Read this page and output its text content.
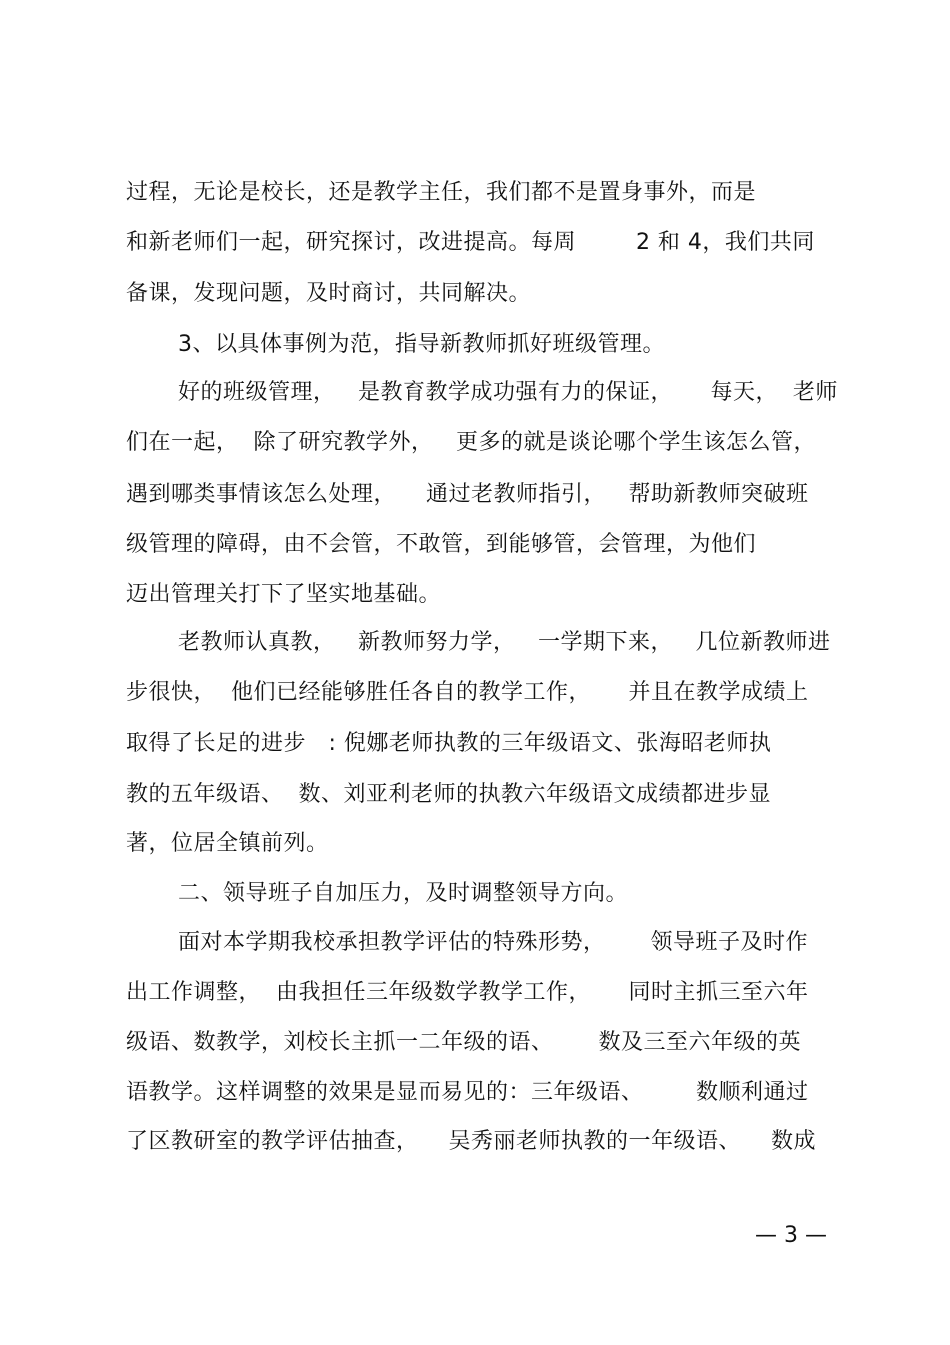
过程，无论是校长，还是教学主任，我们都不是置身事外，而是
和新老师们一起，研究探讨，改进提高。每周        2 和 4，我们共同
备课，发现问题，及时商讨，共同解决。
3、以具体事例为范，指导新教师抓好班级管理。
好的班级管理，   是教育教学成功强有力的保证，     每天，  老师
们在一起，  除了研究教学外，   更多的就是谈论哪个学生该怎么管，
遇到哪类事情该怎么处理，    通过老教师指引，   帮助新教师突破班
级管理的障碍，由不会管，不敢管，到能够管，会管理，为他们
迈出管理关打下了坚实地基础。
老教师认真教，   新教师努力学，   一学期下来，   几位新教师进
步很快，  他们已经能够胜任各自的教学工作，     并且在教学成绩上
取得了长足的进步   : 倪娜老师执教的三年级语文、张海昭老师执
教的五年级语、  数、刘亚利老师的执教六年级语文成绩都进步显
著，位居全镇前列。
二、领导班子自加压力，及时调整领导方向。
面对本学期我校承担教学评估的特殊形势，      领导班子及时作
出工作调整，  由我担任三年级数学教学工作，     同时主抓三至六年
级语、数教学，刘校长主抓一二年级的语、      数及三至六年级的英
语教学。这样调整的效果是显而易见的：三年级语、       数顺利通过
了区教研室的教学评估抽查，    吴秀丽老师执教的一年级语、    数成
— 3 —
